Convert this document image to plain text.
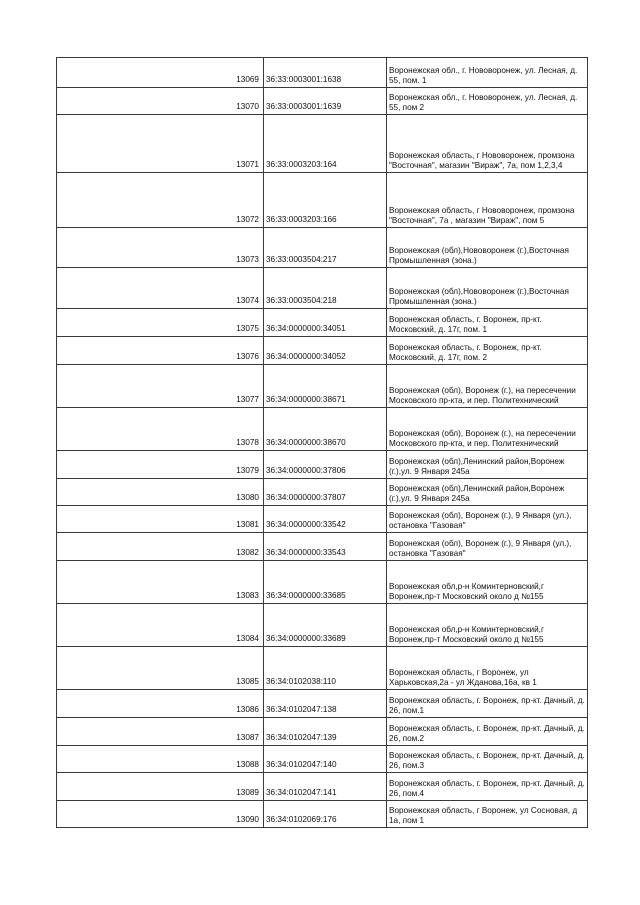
13069	36:33:0003001:1638	Воронежская обл., г. Нововоронеж, ул. Лесная, д. 55, пом. 1
13070	36:33:0003001:1639	Воронежская обл., г. Нововоронеж, ул. Лесная, д. 55, пом 2
13071	36:33:0003203:164	Воронежская область, г Нововоронеж, промзона "Восточная", магазин "Вираж", 7а, пом 1,2,3,4
13072	36:33:0003203:166	Воронежская область, г Нововоронеж, промзона "Восточная", 7а , магазин "Вираж", пом 5
13073	36:33:0003504:217	Воронежская (обл),Нововоронеж (г.),Восточная Промышленная (зона.)
13074	36:33:0003504:218	Воронежская (обл),Нововоронеж (г.),Восточная Промышленная (зона.)
13075	36:34:0000000:34051	Воронежская область, г. Воронеж, пр-кт. Московский, д. 17г, пом. 1
13076	36:34:0000000:34052	Воронежская область, г. Воронеж, пр-кт. Московский, д. 17г, пом. 2
13077	36:34:0000000:38671	Воронежская (обл), Воронеж (г.), на пересечении Московского пр-кта, и пер. Политехнический
13078	36:34:0000000:38670	Воронежская (обл), Воронеж (г.), на пересечении Московского пр-кта, и пер. Политехнический
13079	36:34:0000000:37806	Воронежская (обл),Ленинский район,Воронеж (г.),ул. 9 Января 245а
13080	36:34:0000000:37807	Воронежская (обл),Ленинский район,Воронеж (г.),ул. 9 Января 245а
13081	36:34:0000000:33542	Воронежская (обл), Воронеж (г.), 9 Января (ул.), остановка "Газовая"
13082	36:34:0000000:33543	Воронежская (обл), Воронеж (г.), 9 Января (ул.), остановка "Газовая"
13083	36:34:0000000:33685	Воронежская обл,р-н Коминтерновский,г Воронеж,пр-т Московский около д №155
13084	36:34:0000000:33689	Воронежская обл,р-н Коминтерновский,г Воронеж,пр-т Московский около д №155
13085	36:34:0102038:110	Воронежская область, г Воронеж, ул Харьковская,2а - ул Жданова,16а, кв 1
13086	36:34:0102047:138	Воронежская область, г. Воронеж, пр-кт. Дачный, д. 26, пом.1
13087	36:34:0102047:139	Воронежская область, г. Воронеж, пр-кт. Дачный, д. 26, пом.2
13088	36:34:0102047:140	Воронежская область, г. Воронеж, пр-кт. Дачный, д. 26, пом.3
13089	36:34:0102047:141	Воронежская область, г. Воронеж, пр-кт. Дачный, д. 26, пом.4
13090	36:34:0102069:176	Воронежская область, г Воронеж, ул Сосновая, д 1а, пом 1
